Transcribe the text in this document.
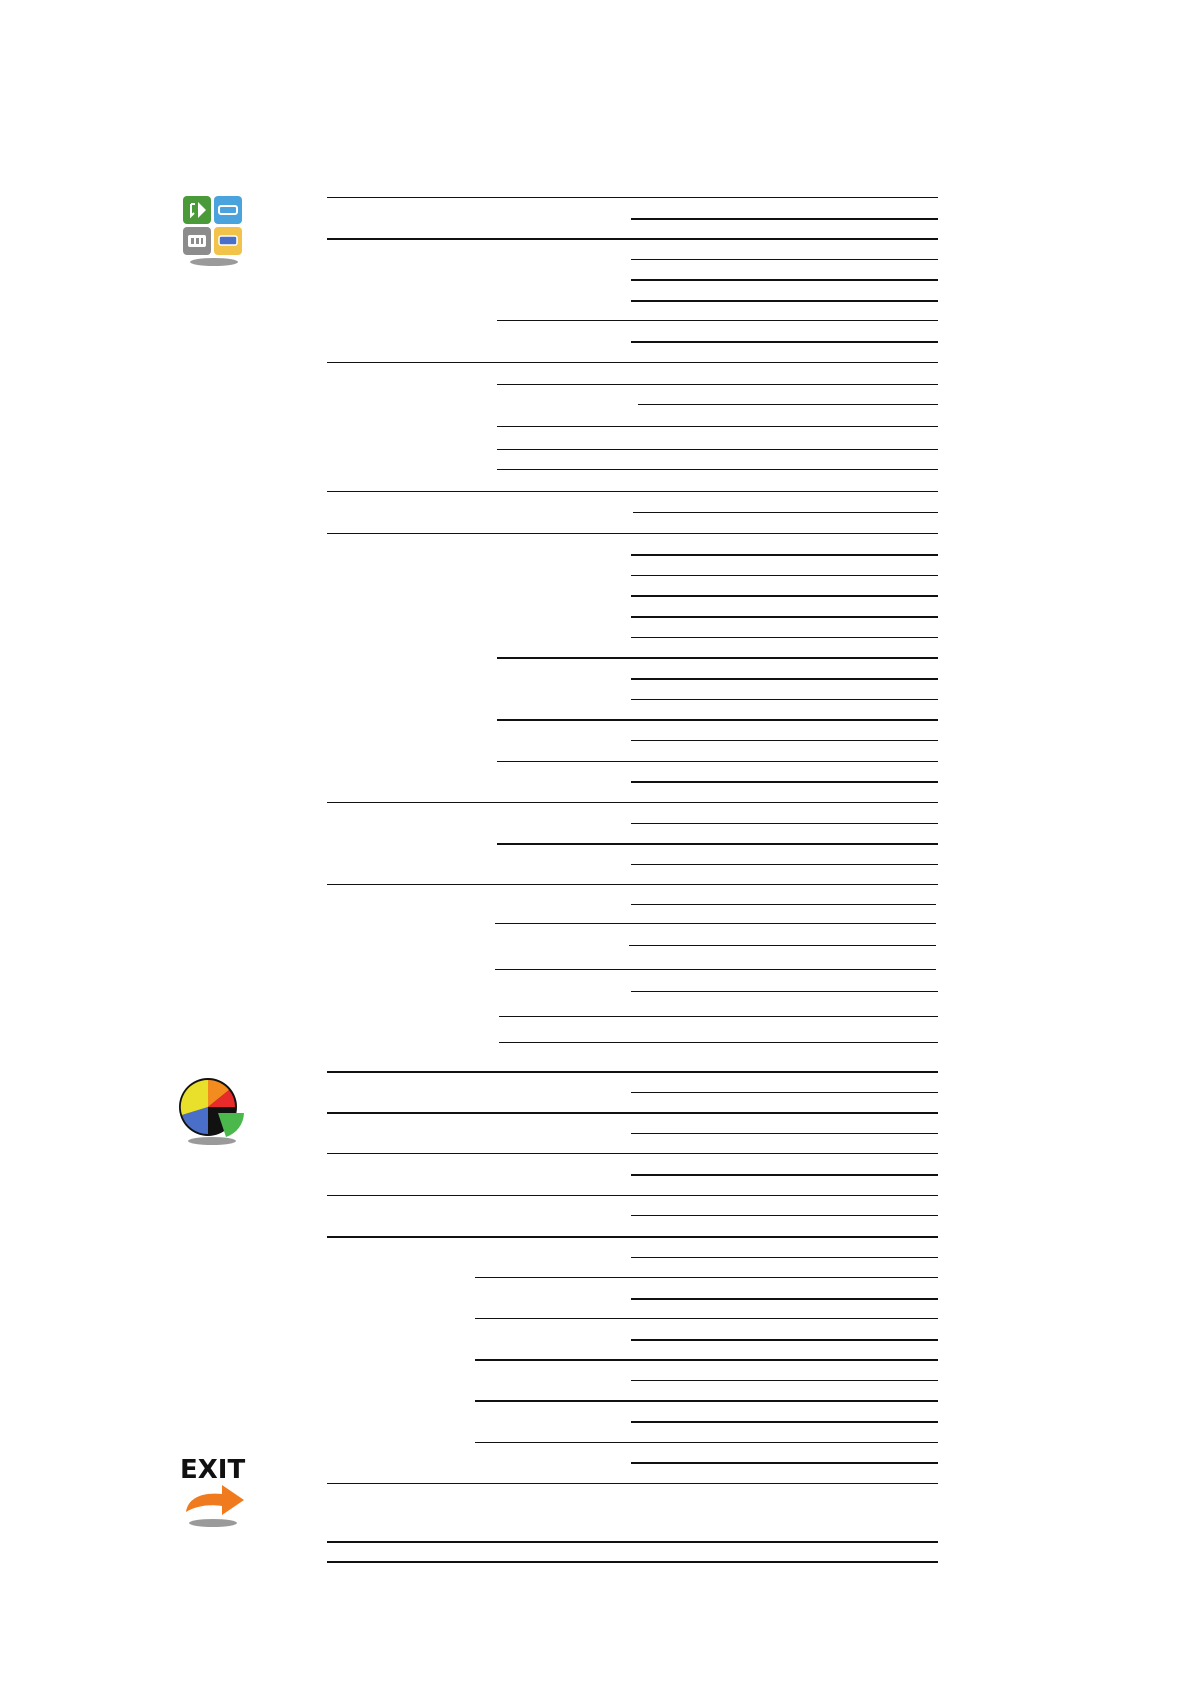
EXIT
